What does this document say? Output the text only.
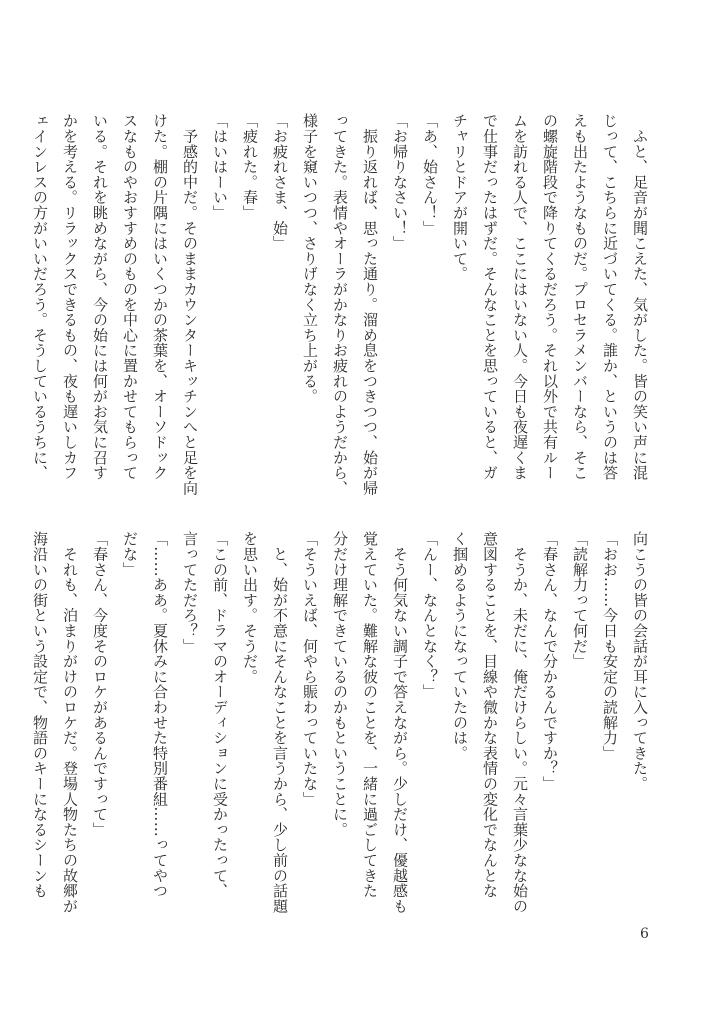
　ふと、足音が聞こえた、気がした。皆の笑い声に混
じって、こちらに近づいてくる。誰か、というのは答
えも出たようなものだ。プロセラメンバーなら、そこ
の螺旋階段で降りてくるだろう。それ以外で共有ルー
ムを訪れる人で、ここにはいない人。今日も夜遅くま
で仕事だったはずだ。そんなことを思っていると、ガ
チャリとドアが開いて。
「あ、始さん！」
「お帰りなさい！」
　振り返れば、思った通り。溜め息をつきつつ、始が帰
ってきた。表情やオーラがかなりお疲れのようだから、
様子を窺いつつ、さりげなく立ち上がる。
「お疲れさま、始」
「疲れた。春」
「はいはーい」
　予感的中だ。そのままカウンターキッチンへと足を向
けた。棚の片隅にはいくつかの茶葉を、オーソドック
スなものやおすすめのものを中心に置かせてもらって
いる。それを眺めながら、今の始には何がお気に召す
かを考える。リラックスできるもの、夜も遅いしカフ
ェインレスの方がいいだろう。そうしているうちに、
向こうの皆の会話が耳に入ってきた。
「おお……今日も安定の読解力」
「読解力って何だ」
「春さん、なんで分かるんですか？」
　そうか、未だに、俺だけらしい。元々言葉少なな始の
意図することを、目線や微かな表情の変化でなんとな
く掴めるようになっていたのは。
「んー、なんとなく？」
　そう何気ない調子で答えながら。少しだけ、優越感も
覚えていた。難解な彼のことを、一緒に過ごしてきた
分だけ理解できているのかもということに。
「そういえば、何やら賑わっていたな」
　と、始が不意にそんなことを言うから、少し前の話題
を思い出す。そうだ。
「この前、ドラマのオーディションに受かったって、
言ってただろ？」
「……ああ。夏休みに合わせた特別番組……ってやつ
だな」
「春さん、今度そのロケがあるんですって」
　それも、泊まりがけのロケだ。登場人物たちの故郷が
海沿いの街という設定で、物語のキーになるシーンも
6
